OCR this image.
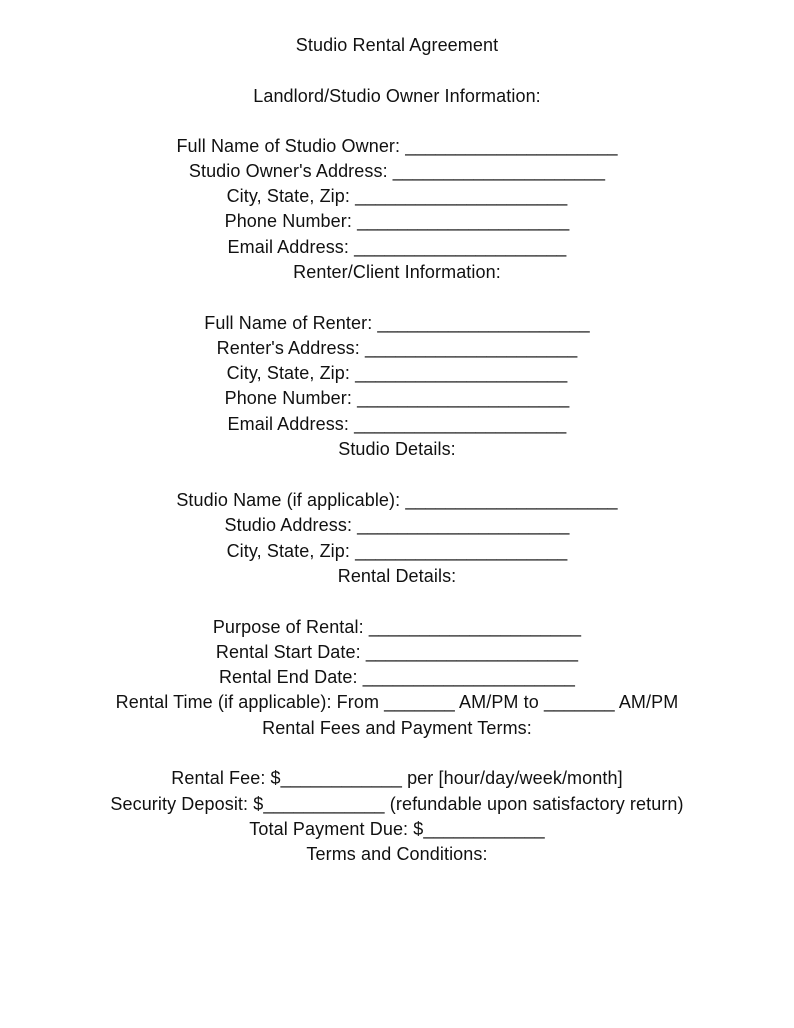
Studio Rental Agreement
Landlord/Studio Owner Information:
Full Name of Studio Owner: _____________________
Studio Owner's Address: _____________________
City, State, Zip: _____________________
Phone Number: _____________________
Email Address: _____________________
Renter/Client Information:
Full Name of Renter: _____________________
Renter's Address: _____________________
City, State, Zip: _____________________
Phone Number: _____________________
Email Address: _____________________
Studio Details:
Studio Name (if applicable): _____________________
Studio Address: _____________________
City, State, Zip: _____________________
Rental Details:
Purpose of Rental: _____________________
Rental Start Date: _____________________
Rental End Date: _____________________
Rental Time (if applicable): From _______ AM/PM to _______ AM/PM
Rental Fees and Payment Terms:
Rental Fee: $____________ per [hour/day/week/month]
Security Deposit: $____________ (refundable upon satisfactory return)
Total Payment Due: $____________
Terms and Conditions:
